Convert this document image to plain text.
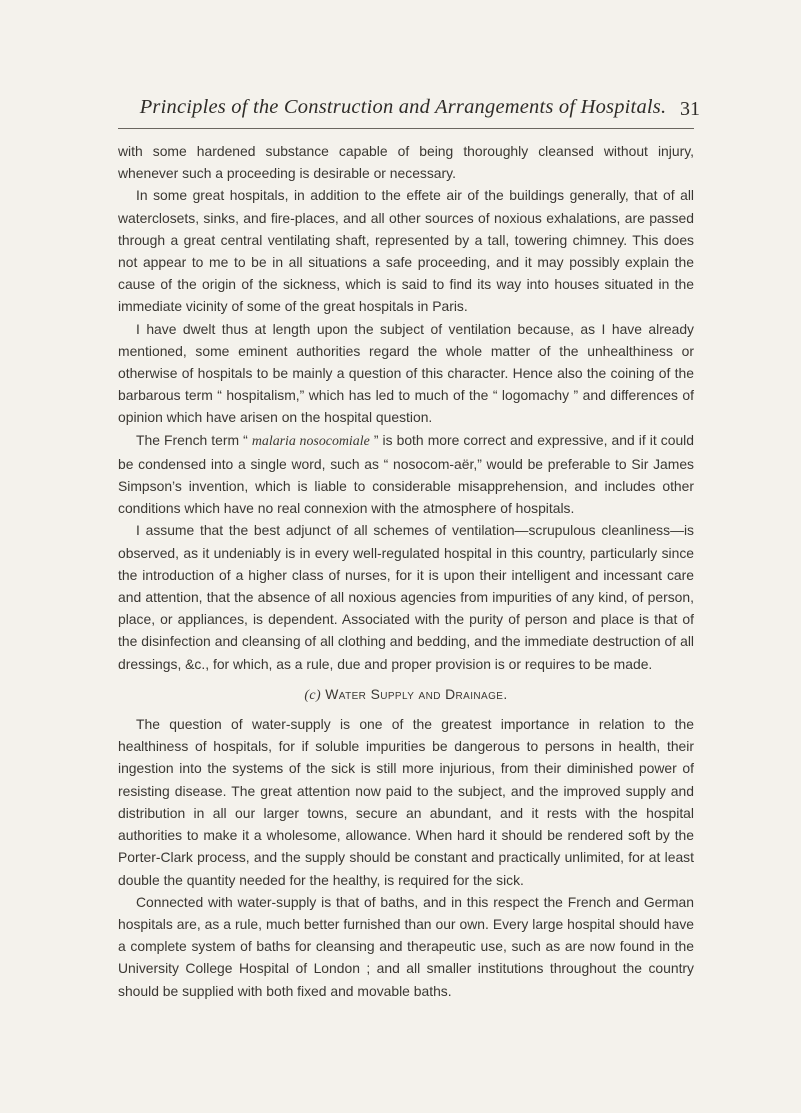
Principles of the Construction and Arrangements of Hospitals. 31

with some hardened substance capable of being thoroughly cleansed without injury, whenever such a proceeding is desirable or necessary.

In some great hospitals, in addition to the effete air of the buildings generally, that of all waterclosets, sinks, and fire-places, and all other sources of noxious exhalations, are passed through a great central ventilating shaft, represented by a tall, towering chimney. This does not appear to me to be in all situations a safe proceeding, and it may possibly explain the cause of the origin of the sickness, which is said to find its way into houses situated in the immediate vicinity of some of the great hospitals in Paris.

I have dwelt thus at length upon the subject of ventilation because, as I have already mentioned, some eminent authorities regard the whole matter of the unhealthiness or otherwise of hospitals to be mainly a question of this character. Hence also the coining of the barbarous term “ hospitalism,” which has led to much of the “ logomachy ” and differences of opinion which have arisen on the hospital question.

The French term “ malaria nosocomiale ” is both more correct and expressive, and if it could be condensed into a single word, such as “ nosocom-aër,” would be preferable to Sir James Simpson’s invention, which is liable to considerable misapprehension, and includes other conditions which have no real connexion with the atmosphere of hospitals.

I assume that the best adjunct of all schemes of ventilation—scrupulous cleanliness—is observed, as it undeniably is in every well-regulated hospital in this country, particularly since the introduction of a higher class of nurses, for it is upon their intelligent and incessant care and attention, that the absence of all noxious agencies from impurities of any kind, of person, place, or appliances, is dependent. Associated with the purity of person and place is that of the disinfection and cleansing of all clothing and bedding, and the immediate destruction of all dressings, &c., for which, as a rule, due and proper provision is or requires to be made.

(c) Water Supply and Drainage.

The question of water-supply is one of the greatest importance in relation to the healthiness of hospitals, for if soluble impurities be dangerous to persons in health, their ingestion into the systems of the sick is still more injurious, from their diminished power of resisting disease. The great attention now paid to the subject, and the improved supply and distribution in all our larger towns, secure an abundant, and it rests with the hospital authorities to make it a wholesome, allowance. When hard it should be rendered soft by the Porter-Clark process, and the supply should be constant and practically unlimited, for at least double the quantity needed for the healthy, is required for the sick.

Connected with water-supply is that of baths, and in this respect the French and German hospitals are, as a rule, much better furnished than our own. Every large hospital should have a complete system of baths for cleansing and therapeutic use, such as are now found in the University College Hospital of London ; and all smaller institutions throughout the country should be supplied with both fixed and movable baths.
